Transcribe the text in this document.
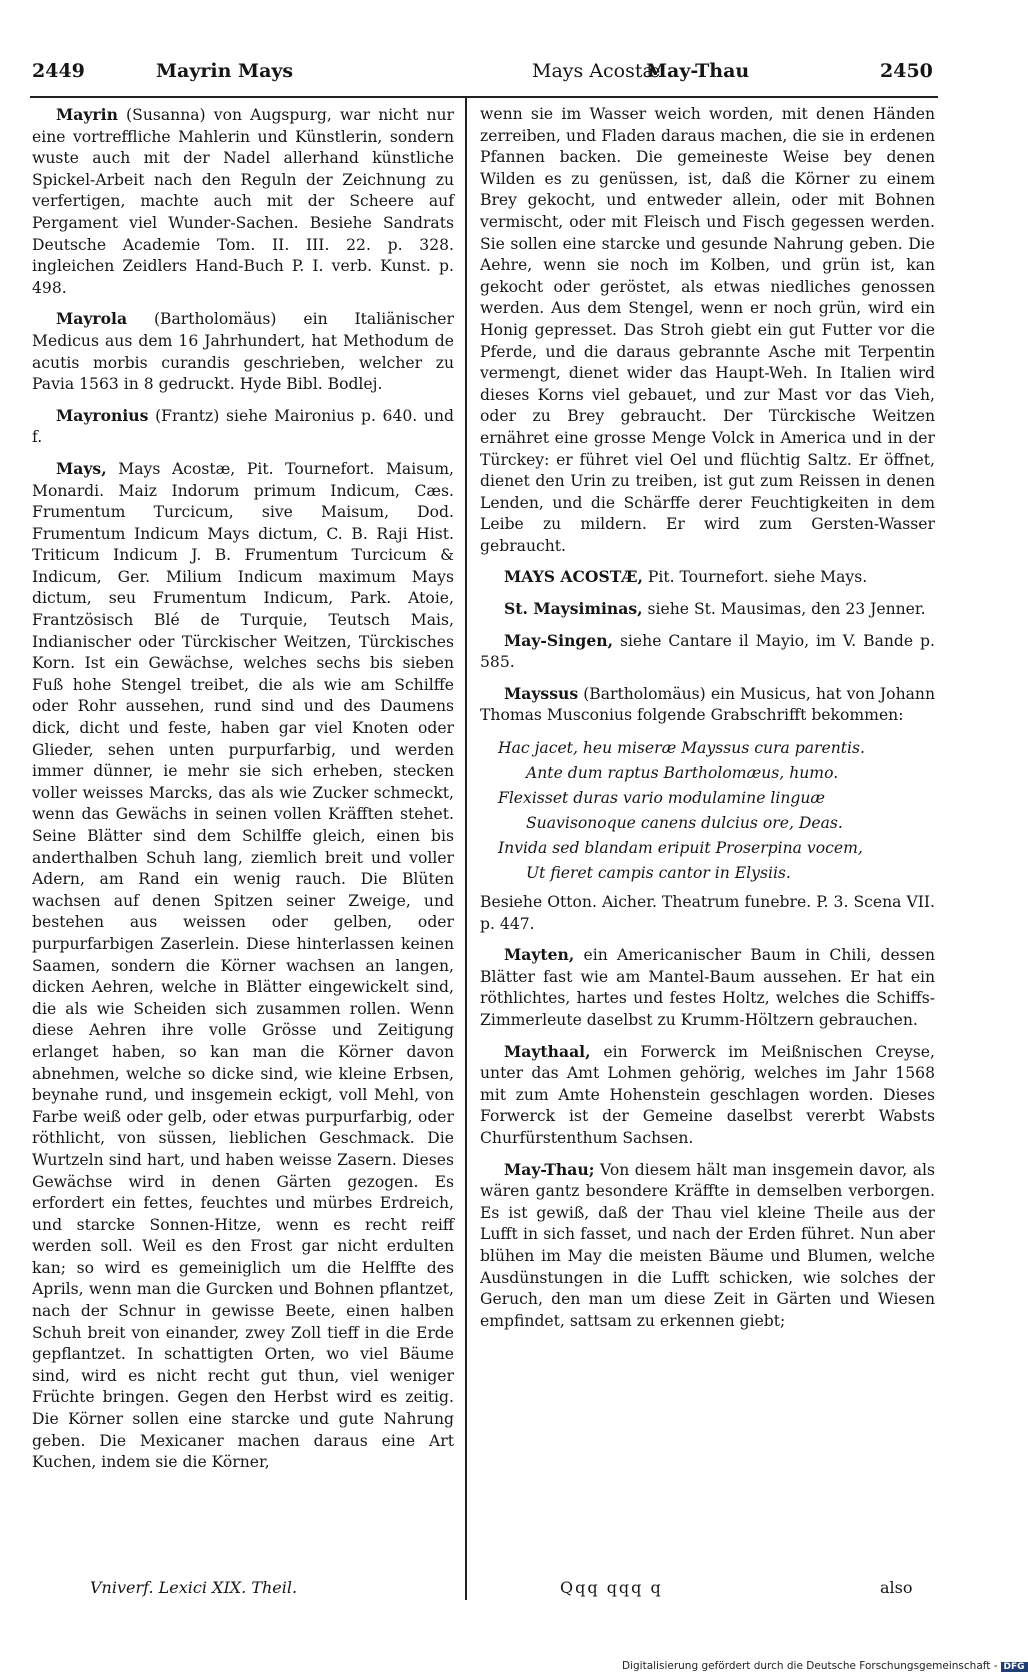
2449	Mayrin Mays	Mays Acostæ
May-Thau	2450

Mayrin (Susanna) von Augspurg, war nicht nur eine vortreffliche Mahlerin und Künstlerin, sondern wuste auch mit der Nadel allerhand künstliche Spickel-Arbeit nach den Reguln der Zeichnung zu verfertigen, machte auch mit der Scheere auf Pergament viel Wunder-Sachen. Besiehe Sandrats Deutsche Academie Tom. II. III. 22. p. 328. ingleichen Zeidlers Hand-Buch P. I. verb. Kunst. p. 498.

Mayrola (Bartholomäus) ein Italiänischer Medicus aus dem 16 Jahrhundert, hat Methodum de acutis morbis curandis geschrieben, welcher zu Pavia 1563 in 8 gedruckt. Hyde Bibl. Bodlej.

Mayronius (Frantz) siehe Maironius p. 640. und f.

Mays, Mays Acostæ, Pit. Tournefort. Maisum, Monardi. Maiz Indorum primum Indicum, Cæs. Frumentum Turcicum, sive Maisum, Dod. Frumentum Indicum Mays dictum, C. B. Raji Hist. Triticum Indicum J. B. Frumentum Turcicum & Indicum, Ger. Milium Indicum maximum Mays dictum, seu Frumentum Indicum, Park. Atoie, Frantzösisch Blé de Turquie, Teutsch Mais, Indianischer oder Türckischer Weitzen, Türckisches Korn. Ist ein Gewächse, welches sechs bis sieben Fuß hohe Stengel treibet, die als wie am Schilffe oder Rohr aussehen, rund sind und des Daumens dick, dicht und feste, haben gar viel Knoten oder Glieder, sehen unten purpurfarbig, und werden immer dünner, ie mehr sie sich erheben, stecken voller weisses Marcks, das als wie Zucker schmeckt, wenn das Gewächs in seinen vollen Kräfften stehet. Seine Blätter sind dem Schilffe gleich, einen bis anderthalben Schuh lang, ziemlich breit und voller Adern, am Rand ein wenig rauch. Die Blüten wachsen auf denen Spitzen seiner Zweige, und bestehen aus weissen oder gelben, oder purpurfarbigen Zaserlein. Diese hinterlassen keinen Saamen, sondern die Körner wachsen an langen, dicken Aehren, welche in Blätter eingewickelt sind, die als wie Scheiden sich zusammen rollen. Wenn diese Aehren ihre volle Grösse und Zeitigung erlanget haben, so kan man die Körner davon abnehmen, welche so dicke sind, wie kleine Erbsen, beynahe rund, und insgemein eckigt, voll Mehl, von Farbe weiß oder gelb, oder etwas purpurfarbig, oder röthlicht, von süssen, lieblichen Geschmack. Die Wurtzeln sind hart, und haben weisse Zasern. Dieses Gewächse wird in denen Gärten gezogen. Es erfordert ein fettes, feuchtes und mürbes Erdreich, und starcke Sonnen-Hitze, wenn es recht reiff werden soll. Weil es den Frost gar nicht erdulten kan; so wird es gemeiniglich um die Helffte des Aprils, wenn man die Gurcken und Bohnen pflantzet, nach der Schnur in gewisse Beete, einen halben Schuh breit von einander, zwey Zoll tieff in die Erde gepflantzet. In schattigten Orten, wo viel Bäume sind, wird es nicht recht gut thun, viel weniger Früchte bringen. Gegen den Herbst wird es zeitig. Die Körner sollen eine starcke und gute Nahrung geben. Die Mexicaner machen daraus eine Art Kuchen, indem sie die Körner,

wenn sie im Wasser weich worden, mit denen Händen zerreiben, und Fladen daraus machen, die sie in erdenen Pfannen backen. Die gemeineste Weise bey denen Wilden es zu genüssen, ist, daß die Körner zu einem Brey gekocht, und entweder allein, oder mit Bohnen vermischt, oder mit Fleisch und Fisch gegessen werden. Sie sollen eine starcke und gesunde Nahrung geben. Die Aehre, wenn sie noch im Kolben, und grün ist, kan gekocht oder geröstet, als etwas niedliches genossen werden. Aus dem Stengel, wenn er noch grün, wird ein Honig gepresset. Das Stroh giebt ein gut Futter vor die Pferde, und die daraus gebrannte Asche mit Terpentin vermengt, dienet wider das Haupt-Weh. In Italien wird dieses Korns viel gebauet, und zur Mast vor das Vieh, oder zu Brey gebraucht. Der Türckische Weitzen ernähret eine grosse Menge Volck in America und in der Türckey: er führet viel Oel und flüchtig Saltz. Er öffnet, dienet den Urin zu treiben, ist gut zum Reissen in denen Lenden, und die Schärffe derer Feuchtigkeiten in dem Leibe zu mildern. Er wird zum Gersten-Wasser gebraucht.

MAYS ACOSTÆ, Pit. Tournefort. siehe Mays.

St. Maysiminas, siehe St. Mausimas, den 23 Jenner.

May-Singen, siehe Cantare il Mayio, im V. Bande p. 585.

Mayssus (Bartholomäus) ein Musicus, hat von Johann Thomas Musconius folgende Grabschrifft bekommen:

Hac jacet, heu miseræ Mayssus cura parentis.
Ante dum raptus Bartholomæus, humo.
Flexisset duras vario modulamine linguæ
Suavisonoque canens dulcius ore, Deas.
Invida sed blandam eripuit Proserpina vocem,
Ut fieret campis cantor in Elysiis.

Besiehe Otton. Aicher. Theatrum funebre. P. 3. Scena VII. p. 447.

Mayten, ein Americanischer Baum in Chili, dessen Blätter fast wie am Mantel-Baum aussehen. Er hat ein röthlichtes, hartes und festes Holtz, welches die Schiffs-Zimmerleute daselbst zu Krumm-Höltzern gebrauchen.

Maythaal, ein Forwerck im Meißnischen Creyse, unter das Amt Lohmen gehörig, welches im Jahr 1568 mit zum Amte Hohenstein geschlagen worden. Dieses Forwerck ist der Gemeine daselbst vererbt Wabsts Churfürstenthum Sachsen.

May-Thau; Von diesem hält man insgemein davor, als wären gantz besondere Kräffte in demselben verborgen. Es ist gewiß, daß der Thau viel kleine Theile aus der Lufft in sich fasset, und nach der Erden führet. Nun aber blühen im May die meisten Bäume und Blumen, welche Ausdünstungen in die Lufft schicken, wie solches der Geruch, den man um diese Zeit in Gärten und Wiesen empfindet, sattsam zu erkennen giebt;

Vniverf. Lexici XIX. Theil.	Qqq qqq q	also
Digitalisierung gefördert durch die Deutsche Forschungsgemeinschaft - DFG
